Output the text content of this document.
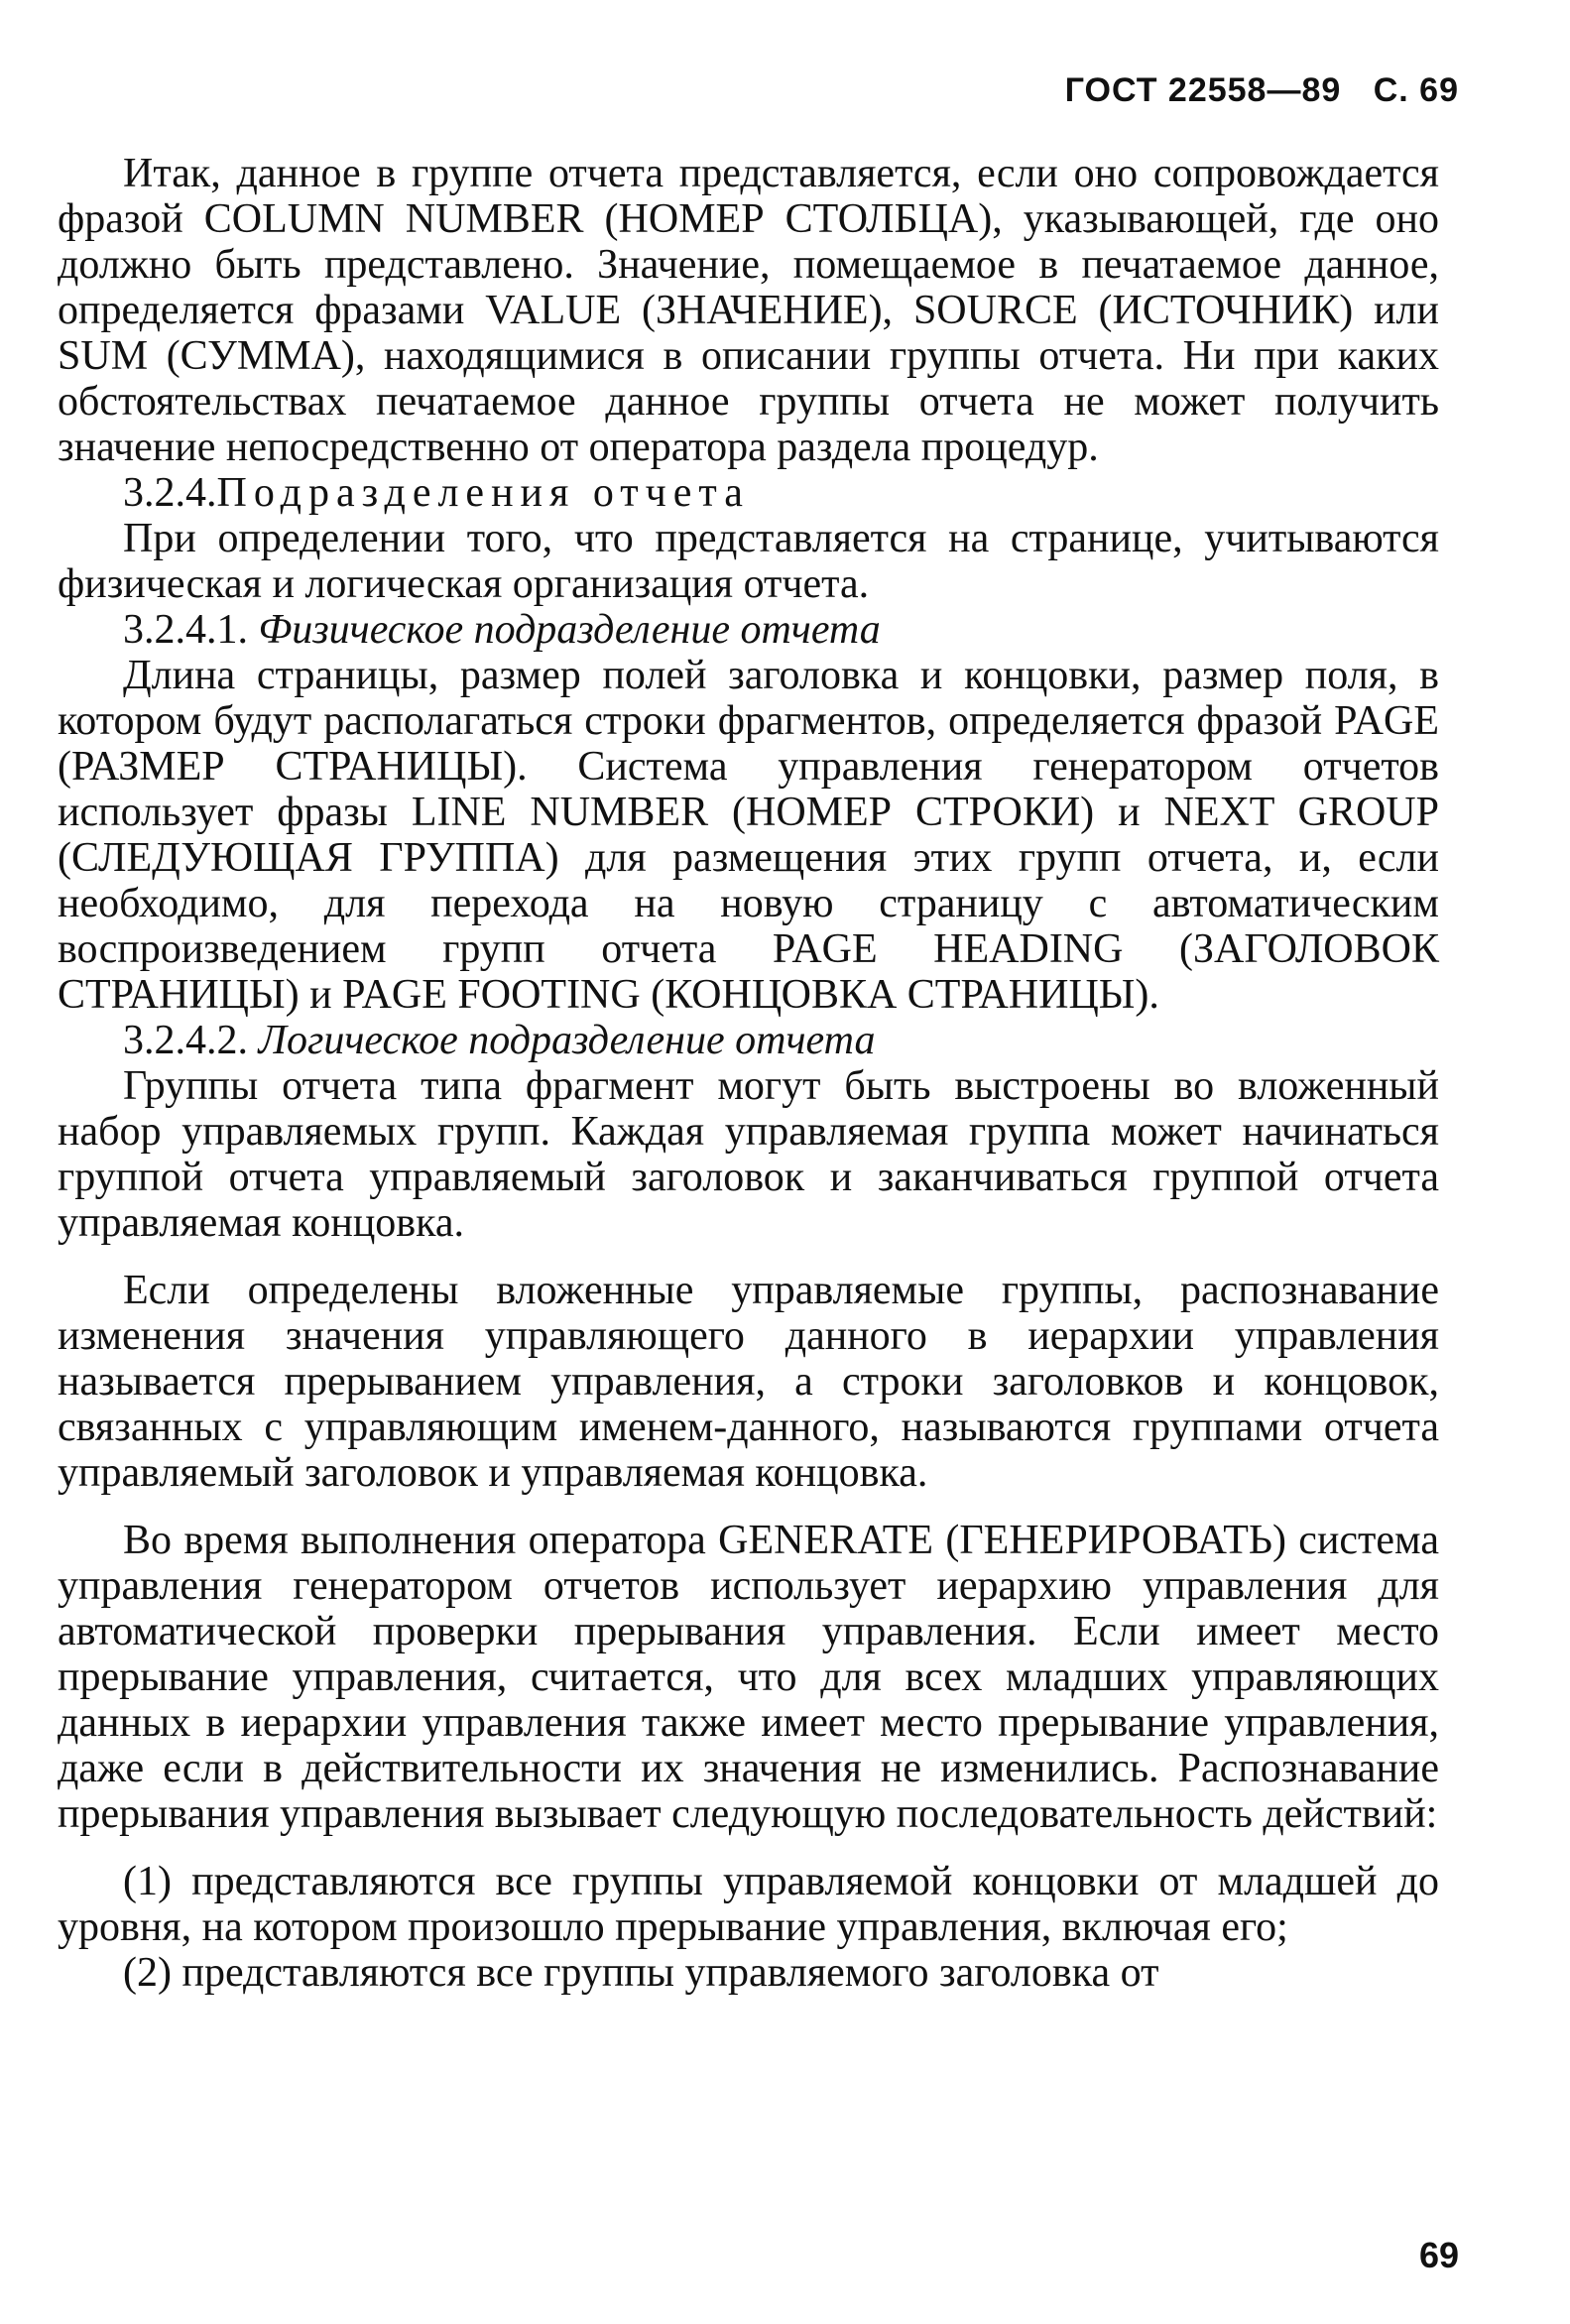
ГОСТ 22558—89 С. 69

Итак, данное в группе отчета представляется, если оно сопровождается фразой COLUMN NUMBER (НОМЕР СТОЛБЦА), указывающей, где оно должно быть представлено. Значение, помещаемое в печатаемое данное, определяется фразами VALUE (ЗНАЧЕНИЕ), SOURCE (ИСТОЧНИК) или SUM (СУММА), находящимися в описании группы отчета. Ни при каких обстоятельствах печатаемое данное группы отчета не может получить значение непосредственно от оператора раздела процедур.

3.2.4.Подразделения отчета

При определении того, что представляется на странице, учитываются физическая и логическая организация отчета.

3.2.4.1. Физическое подразделение отчета

Длина страницы, размер полей заголовка и концовки, размер поля, в котором будут располагаться строки фрагментов, определяется фразой PAGE (РАЗМЕР СТРАНИЦЫ). Система управления генератором отчетов использует фразы LINE NUMBER (НОМЕР СТРОКИ) и NEXT GROUP (СЛЕДУЮЩАЯ ГРУППА) для размещения этих групп отчета, и, если необходимо, для перехода на новую страницу с автоматическим воспроизведением групп отчета PAGE HEADING (ЗАГОЛОВОК СТРАНИЦЫ) и PAGE FOOTING (КОНЦОВКА СТРАНИЦЫ).

3.2.4.2. Логическое подразделение отчета

Группы отчета типа фрагмент могут быть выстроены во вложенный набор управляемых групп. Каждая управляемая группа может начинаться группой отчета управляемый заголовок и заканчиваться группой отчета управляемая концовка.

Если определены вложенные управляемые группы, распознавание изменения значения управляющего данного в иерархии управления называется прерыванием управления, а строки заголовков и концовок, связанных с управляющим именем-данного, называются группами отчета управляемый заголовок и управляемая концовка.

Во время выполнения оператора GENERATE (ГЕНЕРИРОВАТЬ) система управления генератором отчетов использует иерархию управления для автоматической проверки прерывания управления. Если имеет место прерывание управления, считается, что для всех младших управляющих данных в иерархии управления также имеет место прерывание управления, даже если в действительности их значения не изменились. Распознавание прерывания управления вызывает следующую последовательность действий:

(1) представляются все группы управляемой концовки от младшей до уровня, на котором произошло прерывание управления, включая его;

(2) представляются все группы управляемого заголовка от

69
